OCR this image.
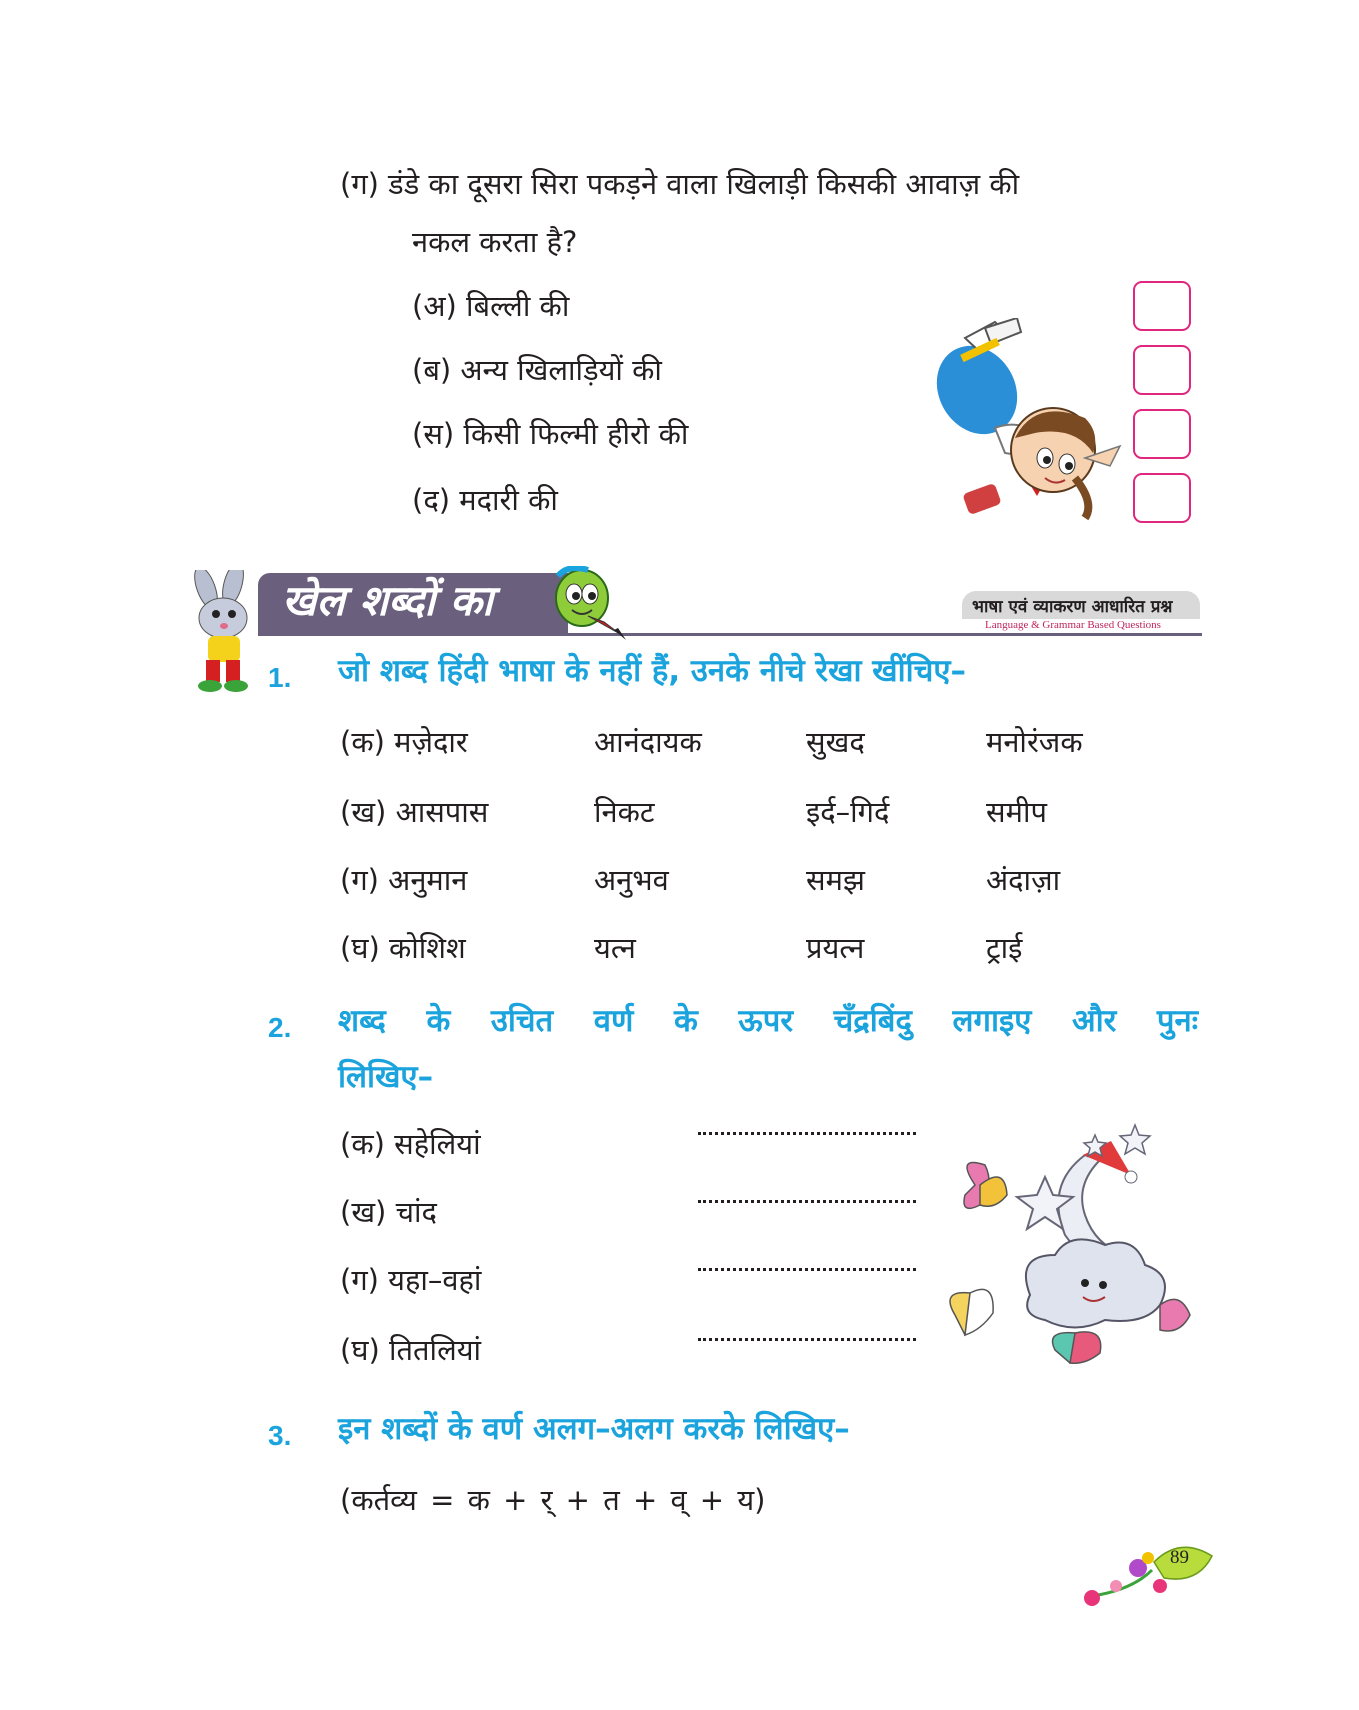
(ग) डंडे का दूसरा सिरा पकड़ने वाला खिलाड़ी किसकी आवाज़ की
नकल करता है?
(अ) बिल्ली की
(ब) अन्य खिलाड़ियों की
(स) किसी फिल्मी हीरो की
(द) मदारी की
खेल शब्दों का	भाषा एवं व्याकरण आधारित प्रश्न
Language & Grammar Based Questions
1. जो शब्द हिंदी भाषा के नहीं हैं, उनके नीचे रेखा खींचिए–
(क) मज़ेदार	आनंदायक	सुखद	मनोरंजक
(ख) आसपास	निकट	इर्द–गिर्द	समीप
(ग) अनुमान	अनुभव	समझ	अंदाज़ा
(घ) कोशिश	यत्न	प्रयत्न	ट्राई
2. शब्द के उचित वर्ण के ऊपर चँद्रबिंदु लगाइए और पुनः
लिखिए–
(क) सहेलियां
(ख) चांद
(ग) यहा–वहां
(घ) तितलियां
3. इन शब्दों के वर्ण अलग–अलग करके लिखिए–
(कर्तव्य = क + र् + त + व् + य)
89
